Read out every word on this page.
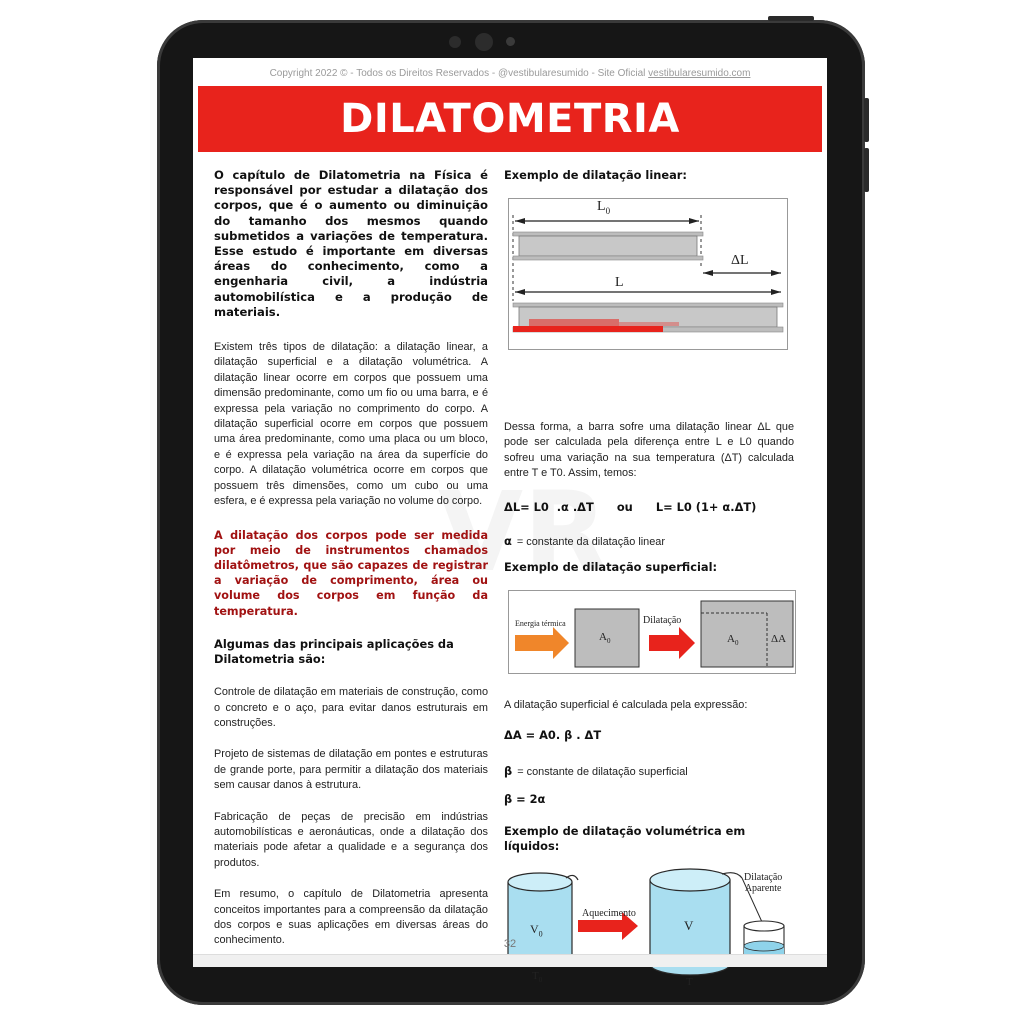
Copyright 2022 © - Todos os Direitos Reservados - @vestibularesumido - Site Oficial vestibularesumido.com
DILATOMETRIA

O capítulo de Dilatometria na Física é responsável por estudar a dilatação dos corpos, que é o aumento ou diminuição do tamanho dos mesmos quando submetidos a variações de temperatura. Esse estudo é importante em diversas áreas do conhecimento, como a engenharia civil, a indústria automobilística e a produção de materiais.

Existem três tipos de dilatação: a dilatação linear, a dilatação superficial e a dilatação volumétrica. A dilatação linear ocorre em corpos que possuem uma dimensão predominante, como um fio ou uma barra, e é expressa pela variação no comprimento do corpo. A dilatação superficial ocorre em corpos que possuem uma área predominante, como uma placa ou um bloco, e é expressa pela variação na área da superfície do corpo. A dilatação volumétrica ocorre em corpos que possuem três dimensões, como um cubo ou uma esfera, e é expressa pela variação no volume do corpo.

A dilatação dos corpos pode ser medida por meio de instrumentos chamados dilatômetros, que são capazes de registrar a variação de comprimento, área ou volume dos corpos em função da temperatura.

Algumas das principais aplicações da Dilatometria são:

Controle de dilatação em materiais de construção, como o concreto e o aço, para evitar danos estruturais em construções.

Projeto de sistemas de dilatação em pontes e estruturas de grande porte, para permitir a dilatação dos materiais sem causar danos à estrutura.

Fabricação de peças de precisão em indústrias automobilísticas e aeronáuticas, onde a dilatação dos materiais pode afetar a qualidade e a segurança dos produtos.

Em resumo, o capítulo de Dilatometria apresenta conceitos importantes para a compreensão da dilatação dos corpos e suas aplicações em diversas áreas do conhecimento.

Exemplo de dilatação linear:

$L_0$
ΔL
L

Dessa forma, a barra sofre uma dilatação linear ΔL que pode ser calculada pela diferença entre L e L0 quando sofreu uma variação na sua temperatura (ΔT) calculada entre T e T0. Assim, temos:

ΔL= L0  .α .ΔT ou L= L0 (1+ α.ΔT)
α = constante da dilatação linear

Exemplo de dilatação superficial:

Energia térmica
$A_0$
Dilatação
$A_0$	ΔA

A dilatação superficial é calculada pela expressão:

ΔA = A0. β . ΔT

β = constante de dilatação superficial

β = 2α

Exemplo de dilatação volumétrica em líquidos:

$V_0$
$T_0$
Aquecimento
V
T
Dilatação
Aparente
32
